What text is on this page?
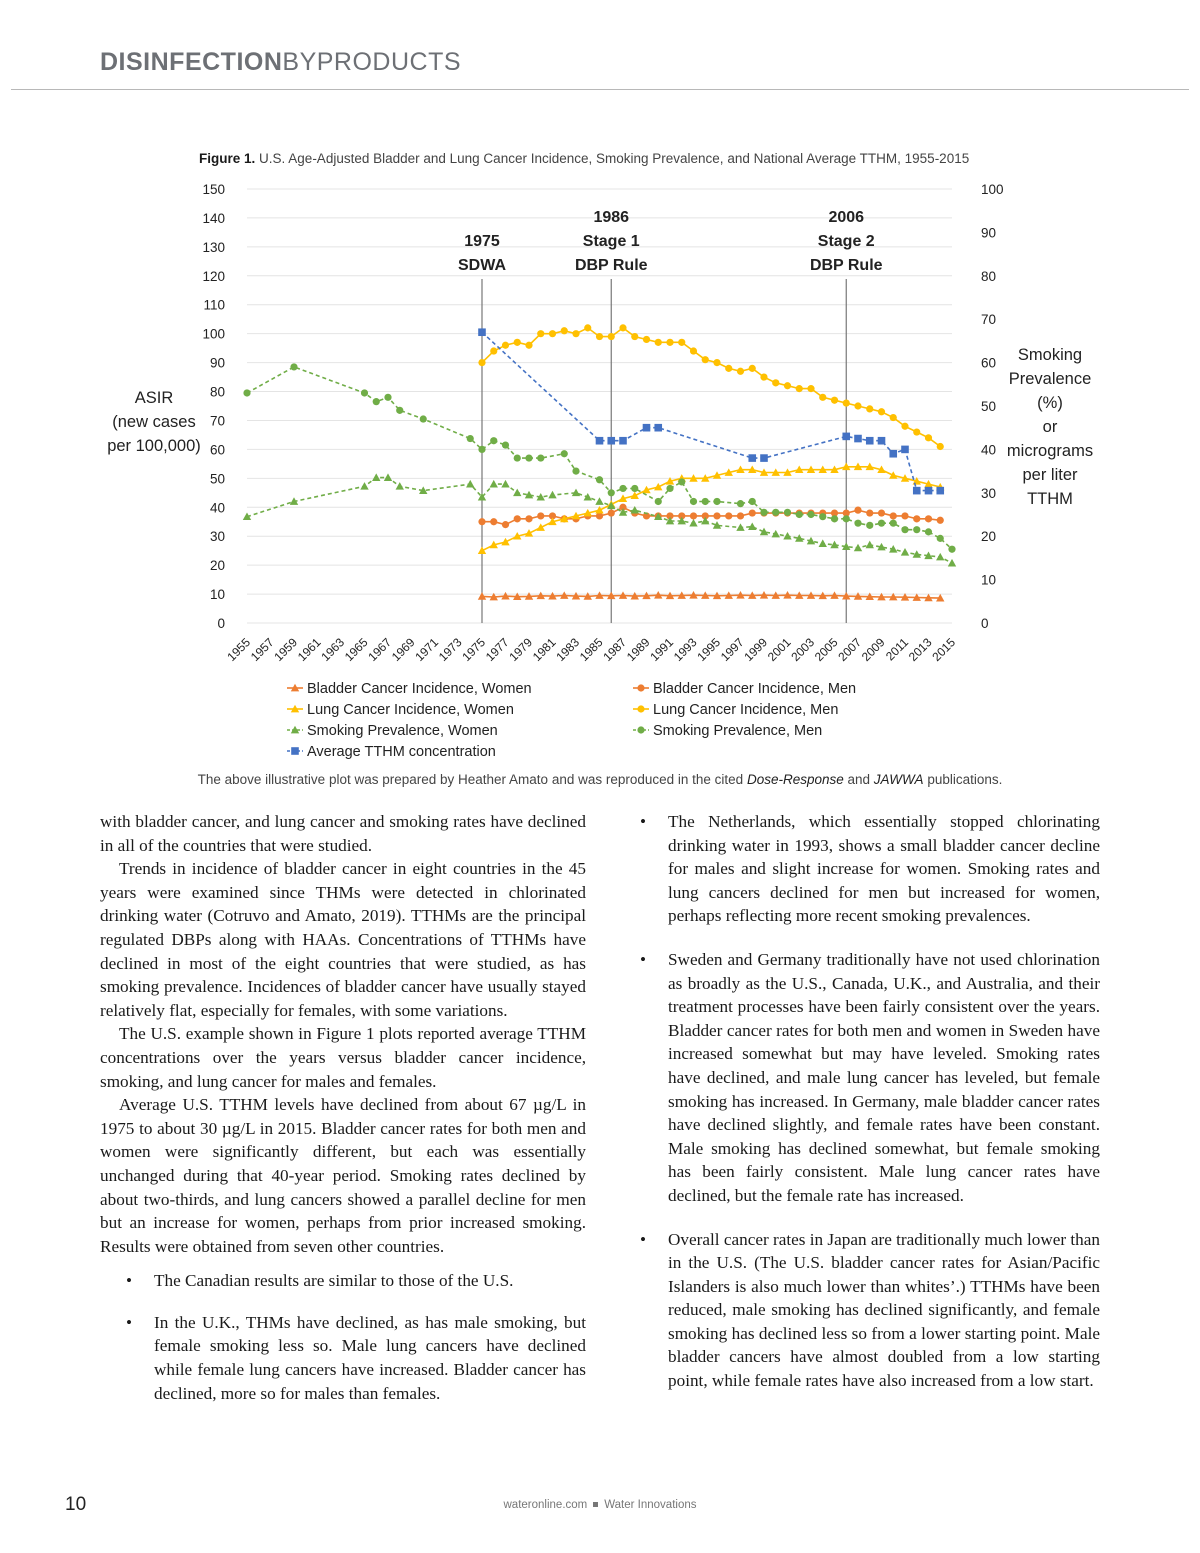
DISINFECTIONBYPRODUCTS
Figure 1. U.S. Age-Adjusted Bladder and Lung Cancer Incidence, Smoking Prevalence, and National Average TTHM, 1955-2015
0
10
20
30
40
50
60
70
80
90
100
110
120
130
140
150
0
10
20
30
40
50
60
70
80
90
100
1955
1957
1959
1961
1963
1965
1967
1969
1971
1973
1975
1977
1979
1981
1983
1985
1987
1989
1991
1993
1995
1997
1999
2001
2003
2005
2007
2009
2011
2013
2015
ASIR
(new cases
per 100,000)
Smoking
Prevalence
(%)
or
micrograms
per liter
TTHM
1975
SDWA
1986
Stage 1
DBP Rule
2006
Stage 2
DBP Rule
Bladder Cancer Incidence, Women	Bladder Cancer Incidence, Men
Lung Cancer Incidence, Women	Lung Cancer Incidence, Men
Smoking Prevalence, Women	Smoking Prevalence, Men
Average TTHM concentration
The above illustrative plot was prepared by Heather Amato and was reproduced in the cited Dose-Response and JAWWA publications.

with bladder cancer, and lung cancer and smoking rates have declined in all of the countries that were studied.

Trends in incidence of bladder cancer in eight countries in the 45 years were examined since THMs were detected in chlorinated drinking water (Cotruvo and Amato, 2019). TTHMs are the principal regulated DBPs along with HAAs. Concentrations of TTHMs have declined in most of the eight countries that were studied, as has smoking prevalence. Incidences of bladder cancer have usually stayed relatively flat, especially for females, with some variations.

The U.S. example shown in Figure 1 plots reported average TTHM concentrations over the years versus bladder cancer incidence, smoking, and lung cancer for males and females.

Average U.S. TTHM levels have declined from about 67 µg/L in 1975 to about 30 µg/L in 2015. Bladder cancer rates for both men and women were significantly different, but each was essentially unchanged during that 40-year period. Smoking rates declined by about two-thirds, and lung cancers showed a parallel decline for men but an increase for women, perhaps from prior increased smoking. Results were obtained from seven other countries.

• The Canadian results are similar to those of the U.S.
• In the U.K., THMs have declined, as has male smoking, but female smoking less so. Male lung cancers have declined while female lung cancers have increased. Bladder cancer has declined, more so for males than females.
• The Netherlands, which essentially stopped chlorinating drinking water in 1993, shows a small bladder cancer decline for males and slight increase for women. Smoking rates and lung cancers declined for men but increased for women, perhaps reflecting more recent smoking prevalences.
• Sweden and Germany traditionally have not used chlorination as broadly as the U.S., Canada, U.K., and Australia, and their treatment processes have been fairly consistent over the years. Bladder cancer rates for both men and women in Sweden have increased somewhat but may have leveled. Smoking rates have declined, and male lung cancer has leveled, but female smoking has increased. In Germany, male bladder cancer rates have declined slightly, and female rates have been constant. Male smoking has declined somewhat, but female smoking has been fairly consistent. Male lung cancer rates have declined, but the female rate has increased.
• Overall cancer rates in Japan are traditionally much lower than in the U.S. (The U.S. bladder cancer rates for Asian/Pacific Islanders is also much lower than whites’.) TTHMs have been reduced, male smoking has declined significantly, and female smoking has declined less so from a lower starting point. Male bladder cancers have almost doubled from a low starting point, while female rates have also increased from a low start.
10	wateronline.com Water Innovations
